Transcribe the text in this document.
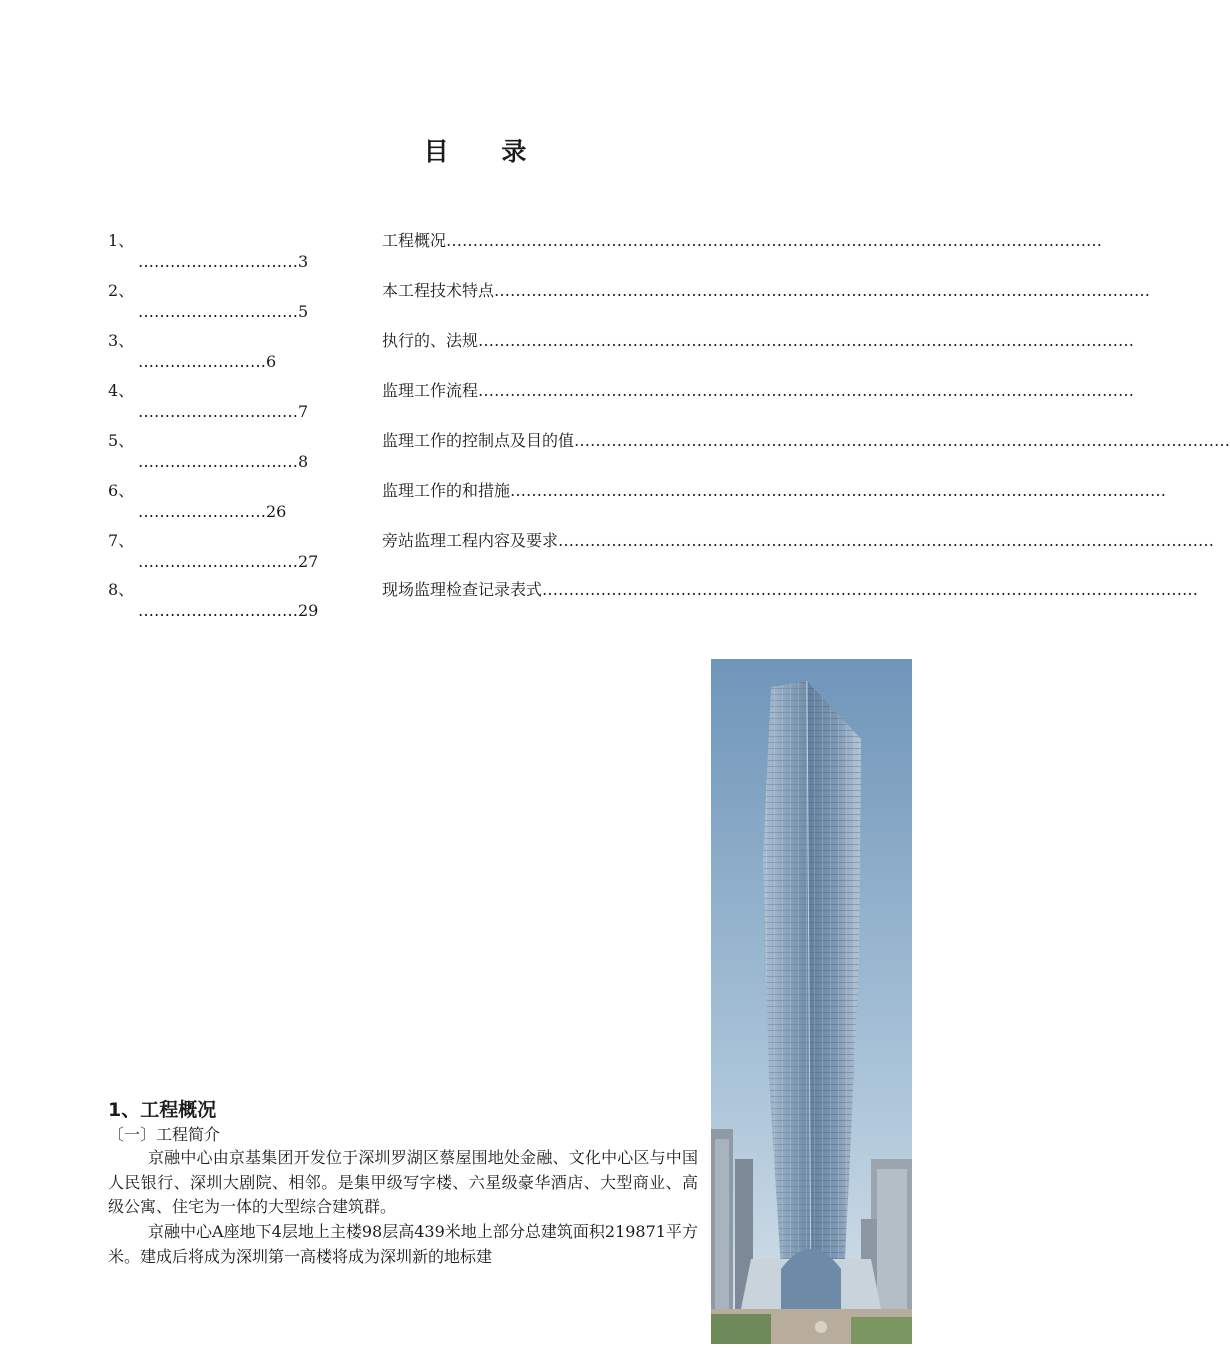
目 录
1、	工程概况……………………………………………………………………………………………………………
…………………………3
2、	本工程技术特点……………………………………………………………………………………………………………
…………………………5
3、	执行的、法规……………………………………………………………………………………………………………
……………………6
4、	监理工作流程……………………………………………………………………………………………………………
…………………………7
5、	监理工作的控制点及目的值……………………………………………………………………………………………………………
…………………………8
6、	监理工作的和措施……………………………………………………………………………………………………………
……………………26
7、	旁站监理工程内容及要求……………………………………………………………………………………………………………
…………………………27
8、	现场监理检查记录表式……………………………………………………………………………………………………………
…………………………29
1、工程概况
〔一〕工程简介
京融中心由京基集团开发位于深圳罗湖区蔡屋围地处金融、文化中心区与中国人民银行、深圳大剧院、相邻。是集甲级写字楼、六星级豪华酒店、大型商业、高级公寓、住宅为一体的大型综合建筑群。
京融中心A座地下4层地上主楼98层高439米地上部分总建筑面积219871平方米。建成后将成为深圳第一高楼将成为深圳新的地标建
